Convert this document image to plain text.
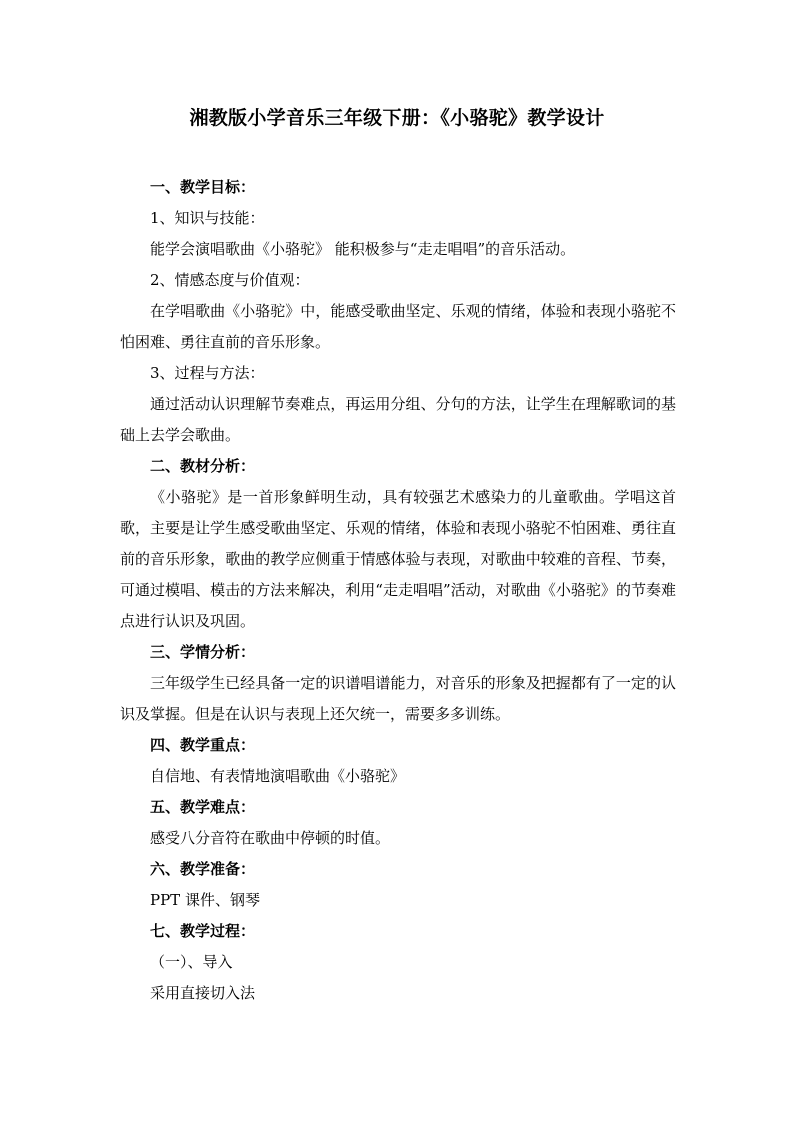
湘教版小学音乐三年级下册：《小骆驼》教学设计

一、教学目标：

1、知识与技能：

能学会演唱歌曲《小骆驼》 能积极参与“走走唱唱”的音乐活动。

2、情感态度与价值观：

在学唱歌曲《小骆驼》中，能感受歌曲坚定、乐观的情绪，体验和表现小骆驼不怕困难、勇往直前的音乐形象。

3、过程与方法：

通过活动认识理解节奏难点，再运用分组、分句的方法，让学生在理解歌词的基础上去学会歌曲。

二、教材分析：

《小骆驼》是一首形象鲜明生动，具有较强艺术感染力的儿童歌曲。学唱这首歌，主要是让学生感受歌曲坚定、乐观的情绪，体验和表现小骆驼不怕困难、勇往直前的音乐形象，歌曲的教学应侧重于情感体验与表现，对歌曲中较难的音程、节奏，可通过模唱、模击的方法来解决，利用“走走唱唱”活动，对歌曲《小骆驼》的节奏难点进行认识及巩固。

三、学情分析：

三年级学生已经具备一定的识谱唱谱能力，对音乐的形象及把握都有了一定的认识及掌握。但是在认识与表现上还欠统一，需要多多训练。

四、教学重点：

自信地、有表情地演唱歌曲《小骆驼》

五、教学难点：

感受八分音符在歌曲中停顿的时值。

六、教学准备：

PPT 课件、钢琴

七、教学过程：

（一）、导入

采用直接切入法
